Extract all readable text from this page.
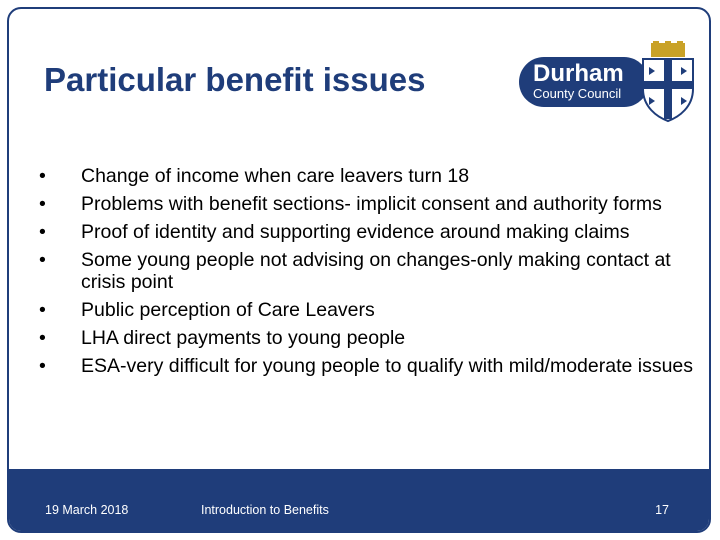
Particular benefit issues	Durham
County Council
• Change of income when care leavers turn 18
• Problems with benefit sections- implicit consent and authority forms
• Proof of identity and supporting evidence around making claims
• Some young people not advising on changes-only making contact at crisis point
• Public perception of Care Leavers
• LHA direct payments to young people
• ESA-very difficult for young people to qualify with mild/moderate issues
19 March 2018	Introduction to Benefits	17
